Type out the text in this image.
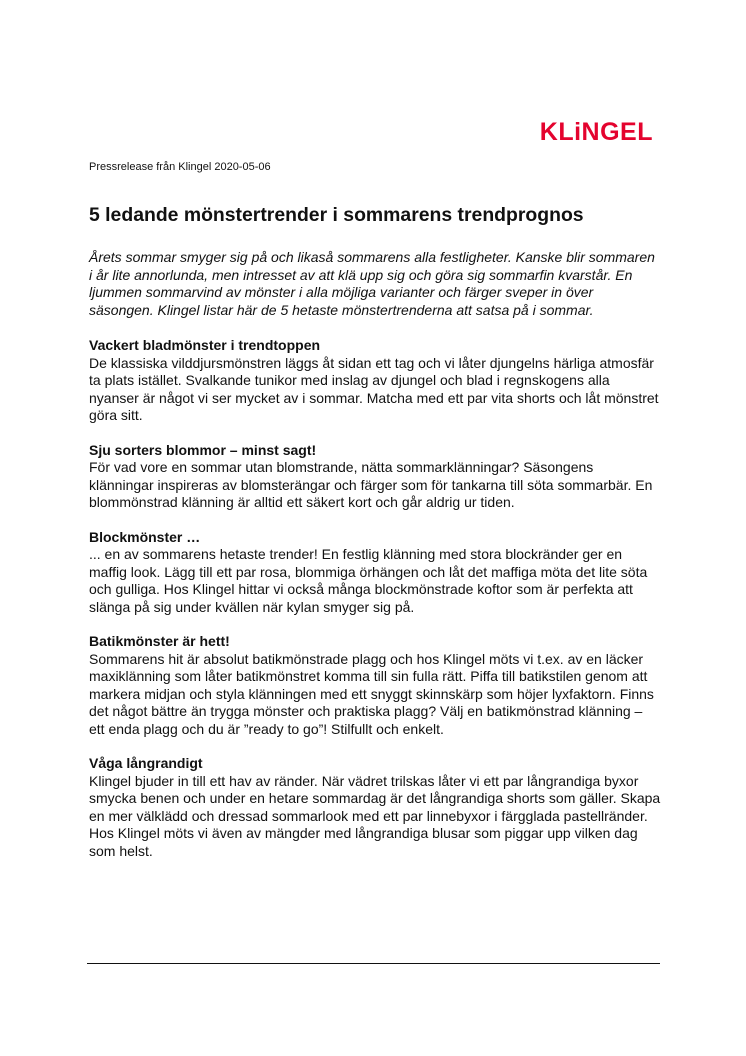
KLiNGEL
Pressrelease från Klingel 2020-05-06
5 ledande mönstertrender i sommarens trendprognos

Årets sommar smyger sig på och likaså sommarens alla festligheter. Kanske blir sommaren i år lite annorlunda, men intresset av att klä upp sig och göra sig sommarfin kvarstår. En ljummen sommarvind av mönster i alla möjliga varianter och färger sveper in över säsongen. Klingel listar här de 5 hetaste mönstertrenderna att satsa på i sommar.

Vackert bladmönster i trendtoppen

De klassiska vilddjursmönstren läggs åt sidan ett tag och vi låter djungelns härliga atmosfär ta plats istället. Svalkande tunikor med inslag av djungel och blad i regnskogens alla nyanser är något vi ser mycket av i sommar. Matcha med ett par vita shorts och låt mönstret göra sitt.

Sju sorters blommor – minst sagt!

För vad vore en sommar utan blomstrande, nätta sommarklänningar? Säsongens klänningar inspireras av blomsterängar och färger som för tankarna till söta sommarbär. En blommönstrad klänning är alltid ett säkert kort och går aldrig ur tiden.

Blockmönster …

... en av sommarens hetaste trender! En festlig klänning med stora blockränder ger en maffig look. Lägg till ett par rosa, blommiga örhängen och låt det maffiga möta det lite söta och gulliga. Hos Klingel hittar vi också många blockmönstrade koftor som är perfekta att slänga på sig under kvällen när kylan smyger sig på.

Batikmönster är hett!

Sommarens hit är absolut batikmönstrade plagg och hos Klingel möts vi t.ex. av en läcker maxiklänning som låter batikmönstret komma till sin fulla rätt. Piffa till batikstilen genom att markera midjan och styla klänningen med ett snyggt skinnskärp som höjer lyxfaktorn. Finns det något bättre än trygga mönster och praktiska plagg? Välj en batikmönstrad klänning – ett enda plagg och du är ”ready to go”! Stilfullt och enkelt.

Våga långrandigt

Klingel bjuder in till ett hav av ränder. När vädret trilskas låter vi ett par långrandiga byxor smycka benen och under en hetare sommardag är det långrandiga shorts som gäller. Skapa en mer välklädd och dressad sommarlook med ett par linnebyxor i färgglada pastellränder. Hos Klingel möts vi även av mängder med långrandiga blusar som piggar upp vilken dag som helst.
